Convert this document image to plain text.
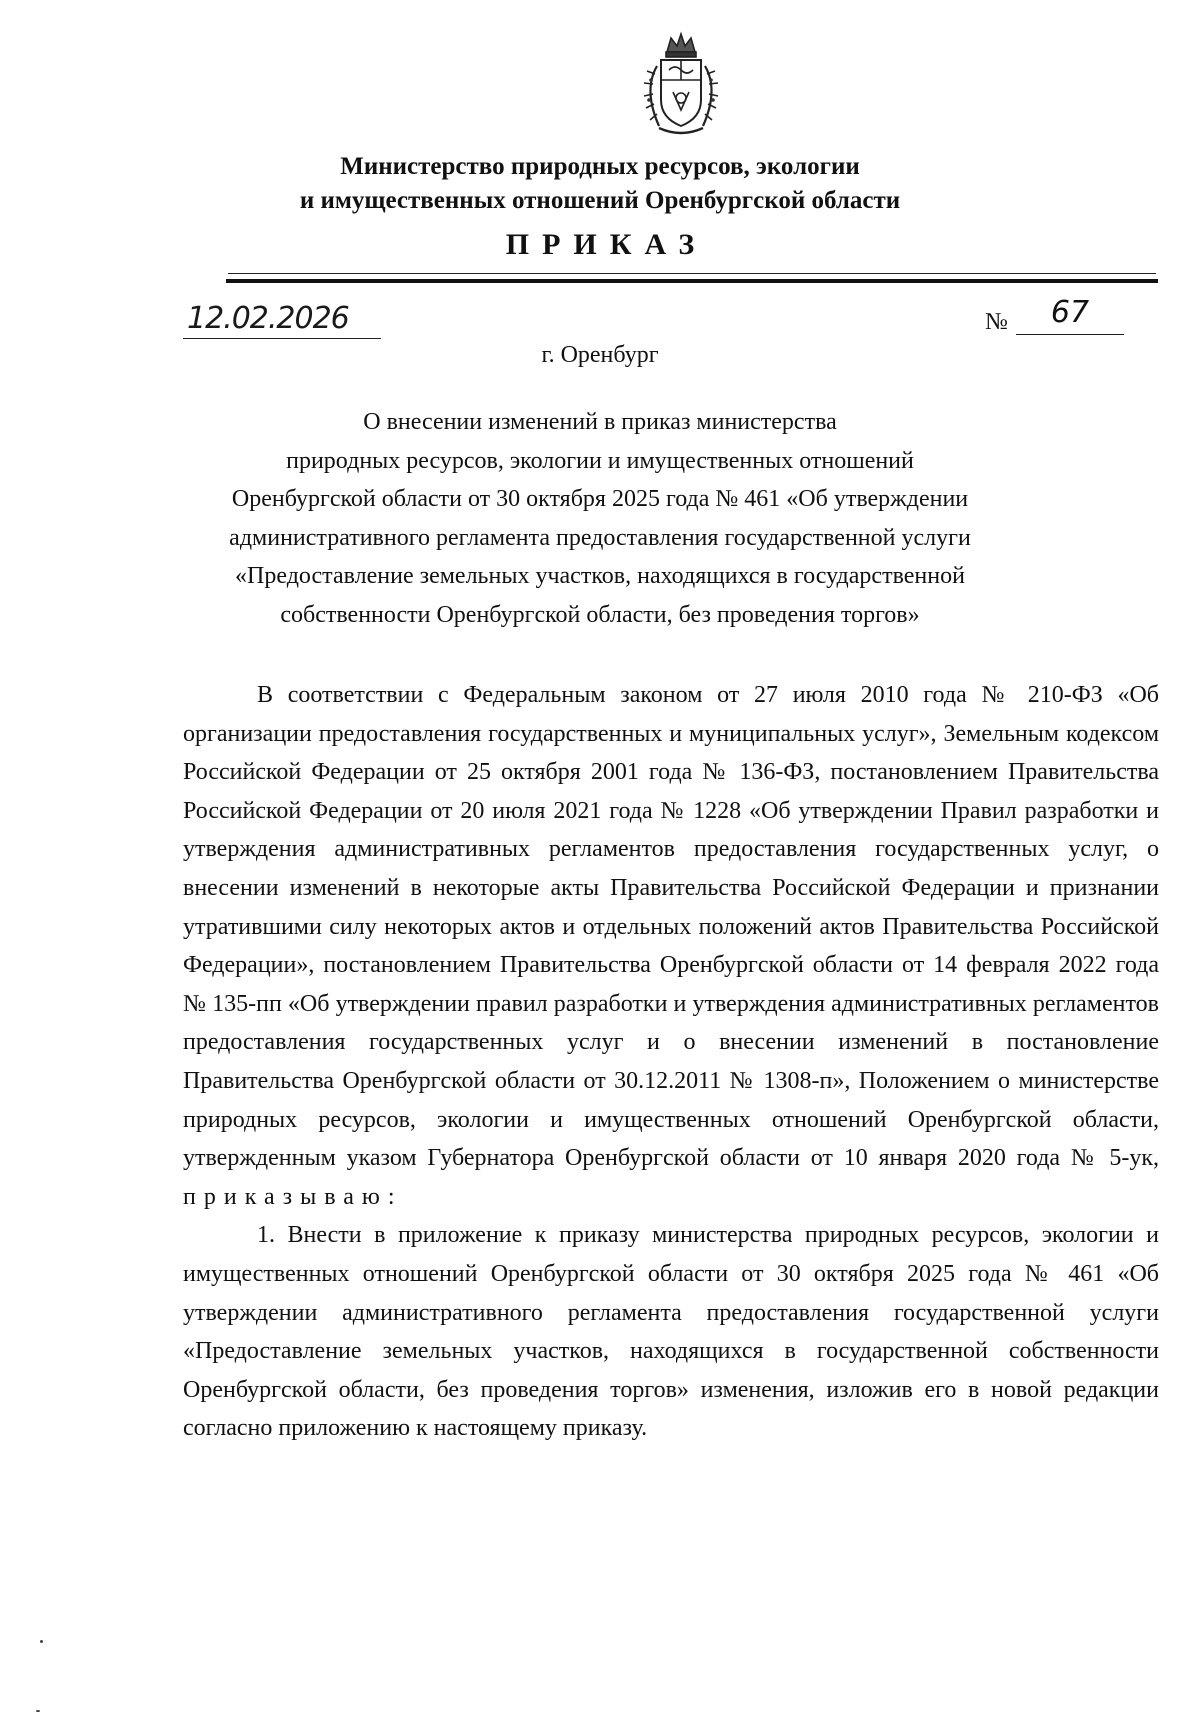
Министерство природных ресурсов, экологии
и имущественных отношений Оренбургской области
ПРИКАЗ
12.02.2026	№	67
г. Оренбург
О внесении изменений в приказ министерства
природных ресурсов, экологии и имущественных отношений
Оренбургской области от 30 октября 2025 года № 461 «Об утверждении
административного регламента предоставления государственной услуги
«Предоставление земельных участков, находящихся в государственной
собственности Оренбургской области, без проведения торгов»

В соответствии с Федеральным законом от 27 июля 2010 года № 210-ФЗ «Об организации предоставления государственных и муниципальных услуг», Земельным кодексом Российской Федерации от 25 октября 2001 года № 136-ФЗ, постановлением Правительства Российской Федерации от 20 июля 2021 года № 1228 «Об утверждении Правил разработки и утверждения административных регламентов предоставления государственных услуг, о внесении изменений в некоторые акты Правительства Российской Федерации и признании утратившими силу некоторых актов и отдельных положений актов Правительства Российской Федерации», постановлением Правительства Оренбургской области от 14 февраля 2022 года № 135-пп «Об утверждении правил разработки и утверждения административных регламентов предоставления государственных услуг и о внесении изменений в постановление Правительства Оренбургской области от 30.12.2011 № 1308-п», Положением о министерстве природных ресурсов, экологии и имущественных отношений Оренбургской области, утвержденным указом Губернатора Оренбургской области от 10 января 2020 года № 5-ук, приказываю:

1. Внести в приложение к приказу министерства природных ресурсов, экологии и имущественных отношений Оренбургской области от 30 октября 2025 года № 461 «Об утверждении административного регламента предоставления государственной услуги «Предоставление земельных участков, находящихся в государственной собственности Оренбургской области, без проведения торгов» изменения, изложив его в новой редакции согласно приложению к настоящему приказу.
